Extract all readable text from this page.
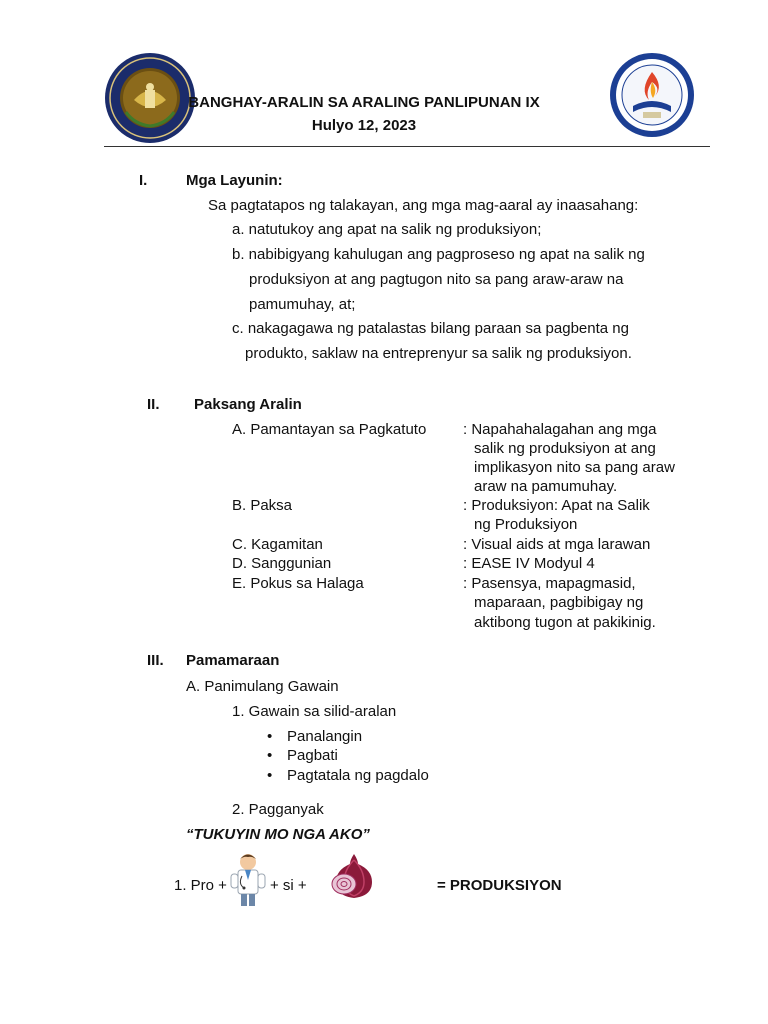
BANGHAY-ARALIN SA ARALING PANLIPUNAN IX
Hulyo 12, 2023
I.	Mga Layunin:
Sa pagtatapos ng talakayan, ang mga mag-aaral ay inaasahang:
a. natutukoy ang apat na salik ng produksiyon;
b. nabibigyang kahulugan ang pagproseso ng apat na salik ng
produksiyon at ang pagtugon nito sa pang araw-araw na
pamumuhay, at;
c. nakagagawa ng patalastas bilang paraan sa pagbenta ng
produkto, saklaw na entreprenyur sa salik ng produksiyon.
II. Paksang Aralin
A. Pamantayan sa Pagkatuto : Napahahalagahan ang mga
salik ng produksiyon at ang
implikasyon nito sa pang araw
araw na pamumuhay.
B. Paksa	: Produksiyon: Apat na Salik
ng Produksiyon
C. Kagamitan	: Visual aids at mga larawan
D. Sanggunian	: EASE IV Modyul 4
E. Pokus sa Halaga	: Pasensya, mapagmasid,
maparaan, pagbibigay ng
aktibong tugon at pakikinig.
III. Pamamaraan
A. Panimulang Gawain
1. Gawain sa silid-aralan
• Panalangin
• Pagbati
• Pagtatala ng pagdalo
2. Pagganyak
“TUKUYIN MO NGA AKO”
1. Pro +	+ si +	= PRODUKSIYON
